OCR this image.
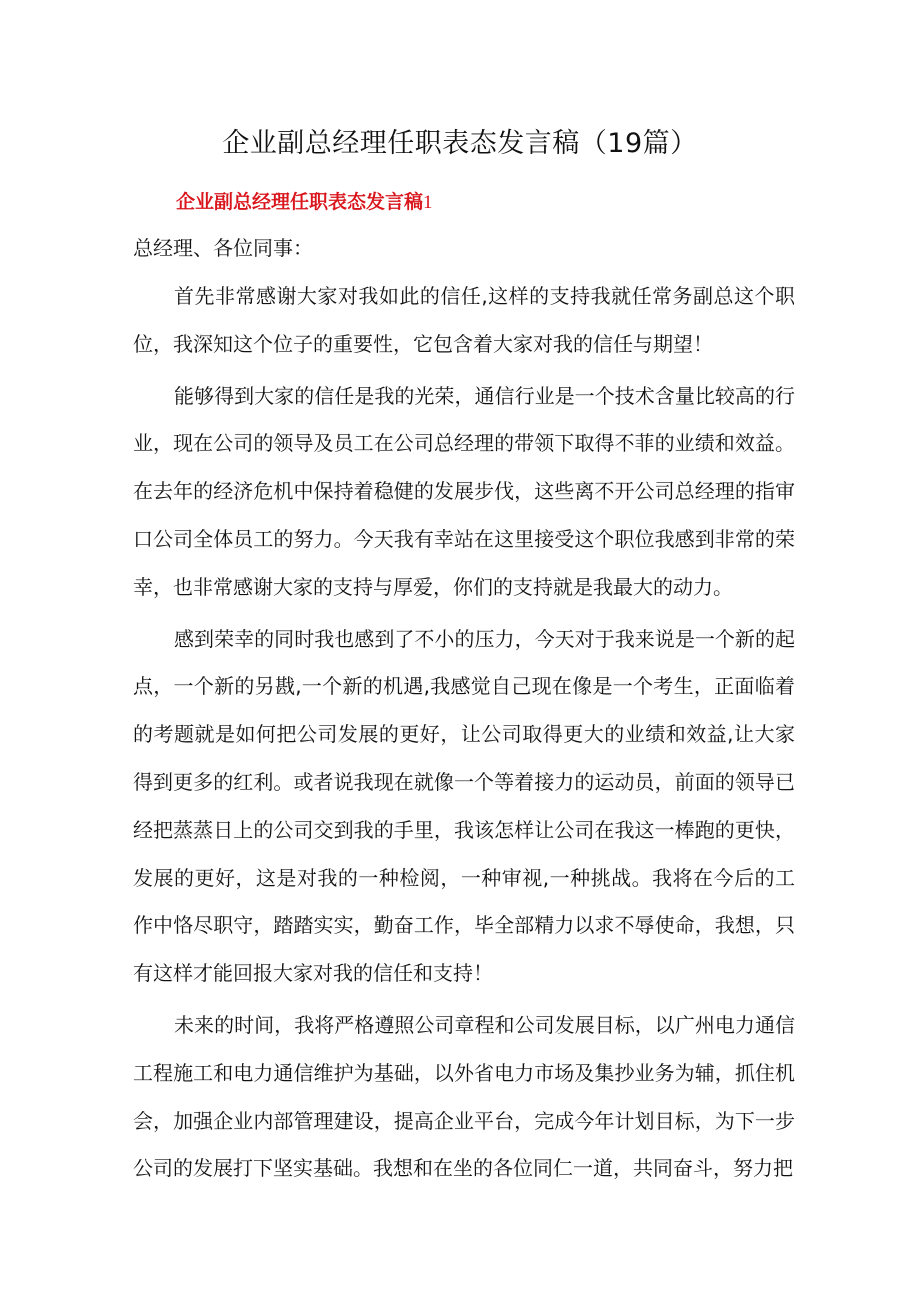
企业副总经理任职表态发言稿（19篇）
企业副总经理任职表态发言稿1

总经理、各位同事：

首先非常感谢大家对我如此的信任,这样的支持我就任常务副总这个职位，我深知这个位子的重要性，它包含着大家对我的信任与期望！

能够得到大家的信任是我的光荣，通信行业是一个技术含量比较高的行业，现在公司的领导及员工在公司总经理的带领下取得不菲的业绩和效益。在去年的经济危机中保持着稳健的发展步伐，这些离不开公司总经理的指审口公司全体员工的努力。今天我有幸站在这里接受这个职位我感到非常的荣幸，也非常感谢大家的支持与厚爱，你们的支持就是我最大的动力。

感到荣幸的同时我也感到了不小的压力，今天对于我来说是一个新的起点，一个新的另戡,一个新的机遇,我感觉自己现在像是一个考生，正面临着的考题就是如何把公司发展的更好，让公司取得更大的业绩和效益,让大家得到更多的红利。或者说我现在就像一个等着接力的运动员，前面的领导已经把蒸蒸日上的公司交到我的手里，我该怎样让公司在我这一棒跑的更快，发展的更好，这是对我的一种检阅，一种审视,一种挑战。我将在今后的工作中恪尽职守，踏踏实实，勤奋工作，毕全部精力以求不辱使命，我想，只有这样才能回报大家对我的信任和支持！

未来的时间，我将严格遵照公司章程和公司发展目标，以广州电力通信工程施工和电力通信维护为基础，以外省电力市场及集抄业务为辅，抓住机会，加强企业内部管理建设，提高企业平台，完成今年计划目标，为下一步公司的发展打下坚实基础。我想和在坐的各位同仁一道，共同奋斗，努力把
